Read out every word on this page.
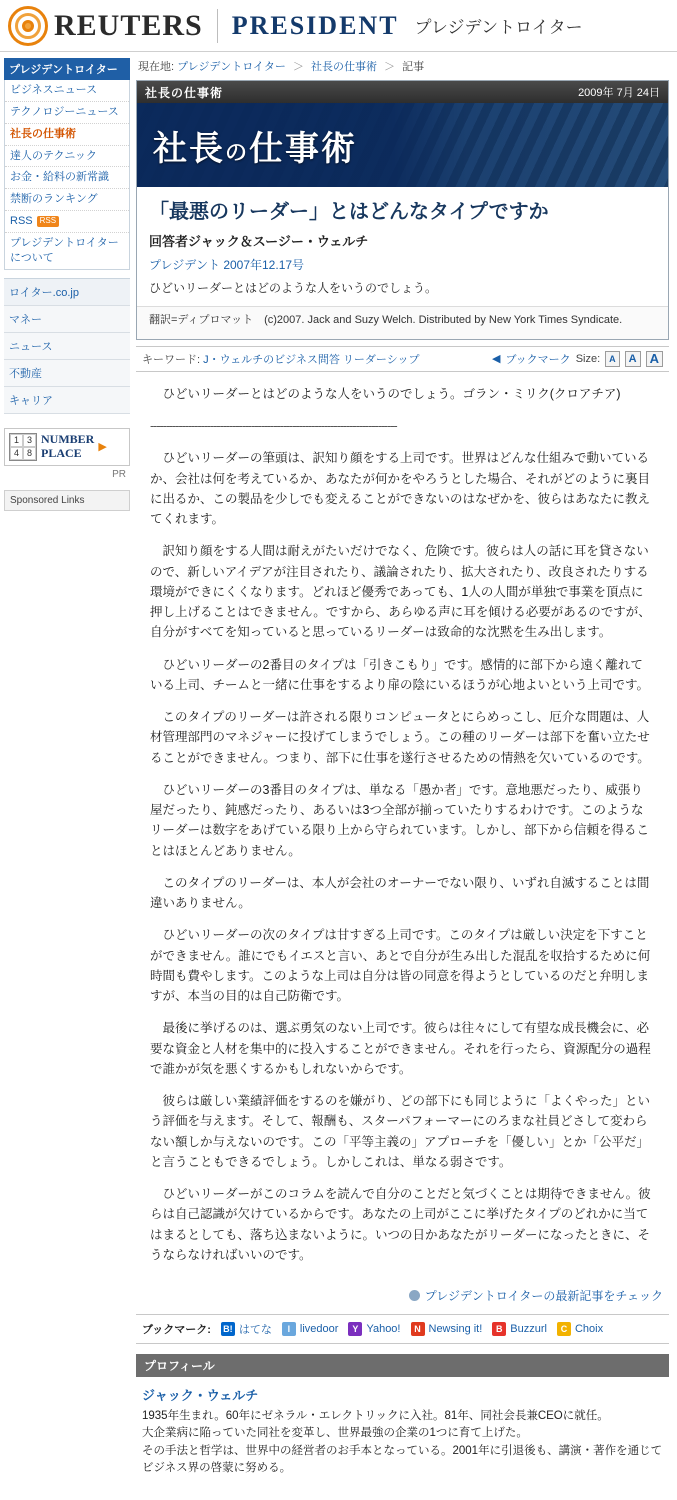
REUTERS PRESIDENT プレジデントロイター
プレジデントロイター
ビジネスニュース
テクノロジーニュース
社長の仕事術
達人のテクニック
お金・給料の新常識
禁断のランキング
RSS RSS
プレジデントロイターについて
ロイター.co.jp
マネー
ニュース
不動産
キャリア
1 3
4 8
NUMBER
PLACE	▶
PR
Sponsored Links
現在地: プレジデントロイター ＞ 社長の仕事術 ＞ 記事
社長の仕事術	2009年 7月 24日
社長の仕事術
「最悪のリーダー」とはどんなタイプですか
回答者ジャック＆スージー・ウェルチ
プレジデント 2007年12.17号
ひどいリーダーとはどのような人をいうのでしょう。
翻訳=ディプロマット　(c)2007. Jack and Suzy Welch. Distributed by New York Times Syndicate.
キーワード: J・ウェルチのビジネス問答 リーダーシップ	◀ ブックマーク Size:	A	A	A

ひどいリーダーとはどのような人をいうのでしょう。ゴラン・ミリク(クロアチア)

------------------------------------------------------------------------------

ひどいリーダーの筆頭は、訳知り顔をする上司です。世界はどんな仕組みで動いているか、会社は何を考えているか、あなたが何かをやろうとした場合、それがどのように裏目に出るか、この製品を少しでも変えることができないのはなぜかを、彼らはあなたに教えてくれます。

訳知り顔をする人間は耐えがたいだけでなく、危険です。彼らは人の話に耳を貸さないので、新しいアイデアが注目されたり、議論されたり、拡大されたり、改良されたりする環境ができにくくなります。どれほど優秀であっても、1人の人間が単独で事業を頂点に押し上げることはできません。ですから、あらゆる声に耳を傾ける必要があるのですが、自分がすべてを知っていると思っているリーダーは致命的な沈黙を生み出します。

ひどいリーダーの2番目のタイプは「引きこもり」です。感情的に部下から遠く離れている上司、チームと一緒に仕事をするより扉の陰にいるほうが心地よいという上司です。

このタイプのリーダーは許される限りコンピュータとにらめっこし、厄介な問題は、人材管理部門のマネジャーに投げてしまうでしょう。この種のリーダーは部下を奮い立たせることができません。つまり、部下に仕事を遂行させるための情熱を欠いているのです。

ひどいリーダーの3番目のタイプは、単なる「愚か者」です。意地悪だったり、威張り屋だったり、鈍感だったり、あるいは3つ全部が揃っていたりするわけです。このようなリーダーは数字をあげている限り上から守られています。しかし、部下から信頼を得ることはほとんどありません。

このタイプのリーダーは、本人が会社のオーナーでない限り、いずれ自滅することは間違いありません。

ひどいリーダーの次のタイプは甘すぎる上司です。このタイプは厳しい決定を下すことができません。誰にでもイエスと言い、あとで自分が生み出した混乱を収拾するために何時間も費やします。このような上司は自分は皆の同意を得ようとしているのだと弁明しますが、本当の目的は自己防衛です。

最後に挙げるのは、選ぶ勇気のない上司です。彼らは往々にして有望な成長機会に、必要な資金と人材を集中的に投入することができません。それを行ったら、資源配分の過程で誰かが気を悪くするかもしれないからです。

彼らは厳しい業績評価をするのを嫌がり、どの部下にも同じように「よくやった」という評価を与えます。そして、報酬も、スターパフォーマーにのろまな社員どさして変わらない額しか与えないのです。この「平等主義の」アプローチを「優しい」とか「公平だ」と言うこともできるでしょう。しかしこれは、単なる弱さです。

ひどいリーダーがこのコラムを読んで自分のことだと気づくことは期待できません。彼らは自己認識が欠けているからです。あなたの上司がここに挙げたタイプのどれかに当てはまるとしても、落ち込まないように。いつの日かあなたがリーダーになったときに、そうならなければいいのです。

プレジデントロイターの最新記事をチェック
ブックマーク: B! はてな	l livedoor	Y Yahoo!	N Newsing it!	B Buzzurl	C Choix
プロフィール
ジャック・ウェルチ
1935年生まれ。60年にゼネラル・エレクトリックに入社。81年、同社会長兼CEOに就任。
大企業病に陥っていた同社を変革し、世界最強の企業の1つに育て上げた。
その手法と哲学は、世界中の経営者のお手本となっている。2001年に引退後も、講演・著作を通じてビジネス界の啓蒙に努める。
